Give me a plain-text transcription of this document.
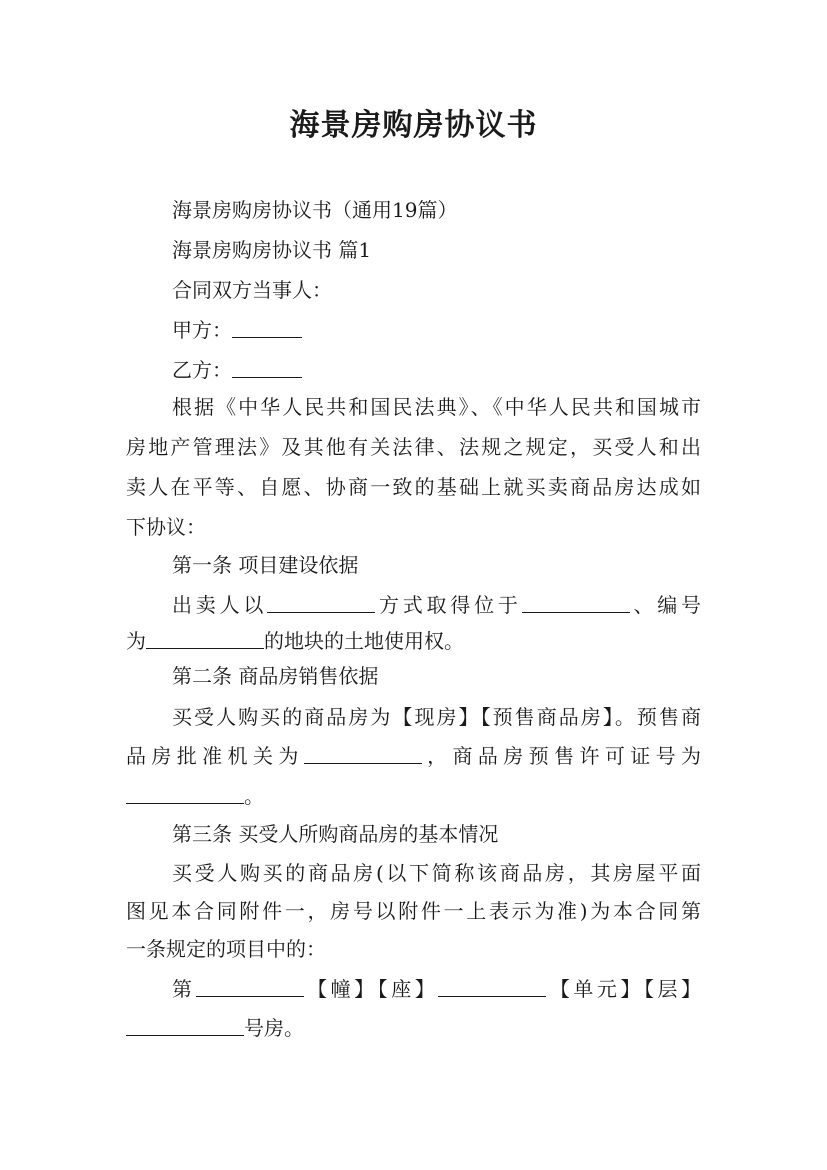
海景房购房协议书
海景房购房协议书（通用19篇）
海景房购房协议书 篇1
合同双方当事人：
甲方：
乙方：
根据《中华人民共和国民法典》、《中华人民共和国城市
房地产管理法》及其他有关法律、法规之规定，买受人和出
卖人在平等、自愿、协商一致的基础上就买卖商品房达成如
下协议：
第一条 项目建设依据
出卖人以	方式取得位于	、编号
为	的地块的土地使用权。
第二条 商品房销售依据
买受人购买的商品房为【现房】【预售商品房】。预售商
品房批准机关为	，商品房预售许可证号为
。
第三条 买受人所购商品房的基本情况
买受人购买的商品房(以下简称该商品房，其房屋平面
图见本合同附件一，房号以附件一上表示为准)为本合同第
一条规定的项目中的：
第	【幢】【座】	【单元】【层】
号房。
